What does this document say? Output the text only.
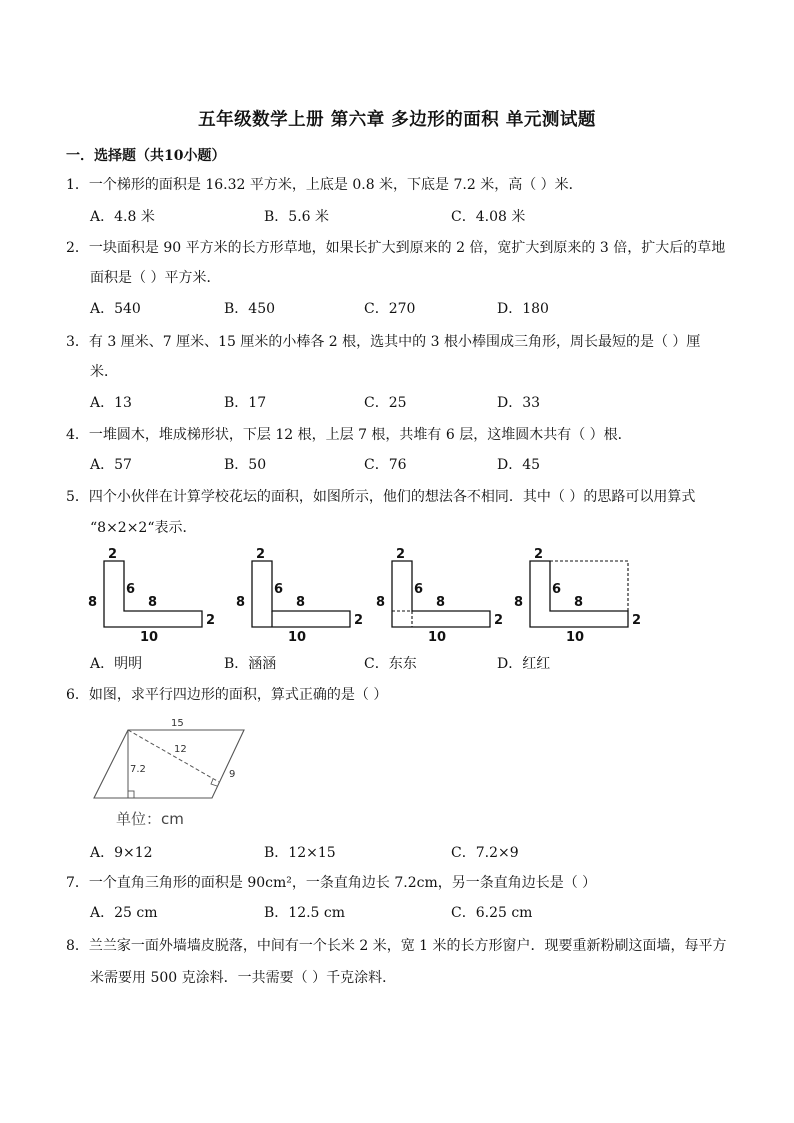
五年级数学上册 第六章 多边形的面积 单元测试题
一．选择题（共10小题）
1．一个梯形的面积是 16.32 平方米，上底是 0.8 米，下底是 7.2 米，高（ ）米．
A．4.8 米	B．5.6 米	C．4.08 米
2．一块面积是 90 平方米的长方形草地，如果长扩大到原来的 2 倍，宽扩大到原来的 3 倍，扩大后的草地
面积是（ ）平方米．
A．540	B．450	C．270	D．180
3．有 3 厘米、7 厘米、15 厘米的小棒各 2 根，选其中的 3 根小棒围成三角形，周长最短的是（ ）厘
米．
A．13	B．17	C．25	D．33
4．一堆圆木，堆成梯形状，下层 12 根，上层 7 根，共堆有 6 层，这堆圆木共有（ ）根．
A．57	B．50	C．76	D．45
5．四个小伙伴在计算学校花坛的面积，如图所示，他们的想法各不相同．其中（ ）的思路可以用算式
“8×2×2“表示．
8
2
6
8
2
10
8
2
6
8
2
10
8
2
6
8
2
10
8
2
6
8
2
10
A．明明	B．涵涵	C．东东	D．红红
6．如图，求平行四边形的面积，算式正确的是（ ）
15
12
7.2	9
单位：cm
A．9×12	B．12×15	C．7.2×9
7．一个直角三角形的面积是 90cm²，一条直角边长 7.2cm，另一条直角边长是（ ）
A．25 cm	B．12.5 cm	C．6.25 cm
8．兰兰家一面外墙墙皮脱落，中间有一个长米 2 米，宽 1 米的长方形窗户．现要重新粉刷这面墙，每平方
米需要用 500 克涂料．一共需要（ ）千克涂料．
